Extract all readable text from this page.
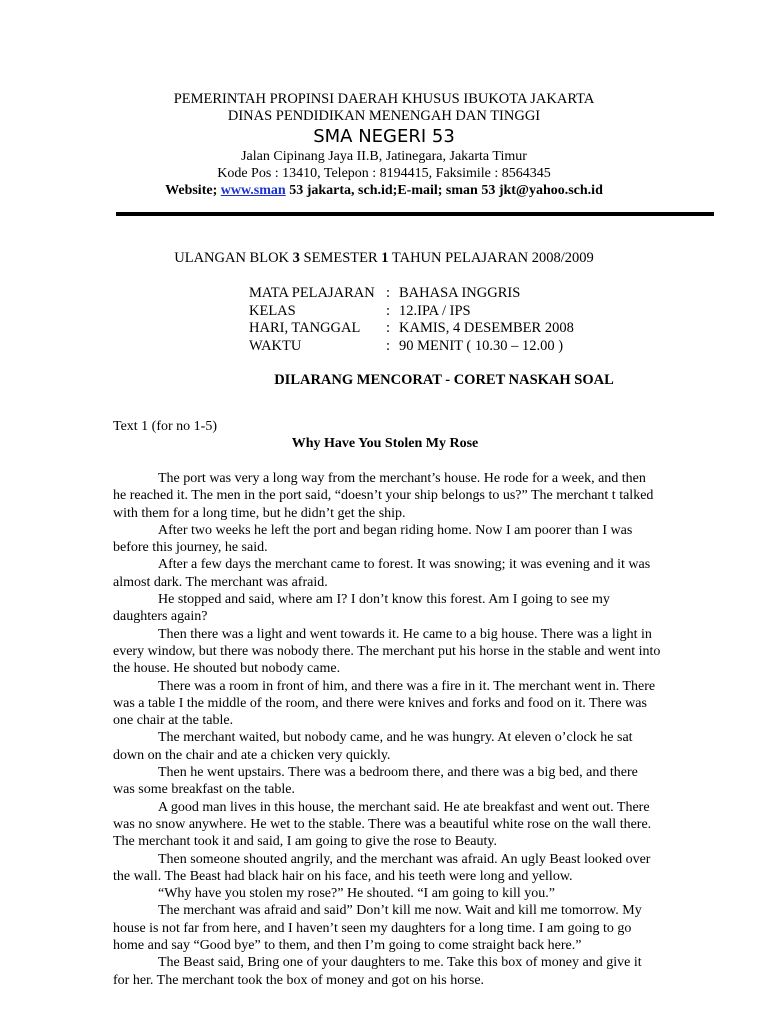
PEMERINTAH PROPINSI DAERAH KHUSUS IBUKOTA JAKARTA
DINAS PENDIDIKAN MENENGAH DAN TINGGI
SMA NEGERI 53
Jalan Cipinang Jaya II.B, Jatinegara, Jakarta Timur
Kode Pos : 13410, Telepon : 8194415, Faksimile : 8564345
Website; www.sman 53 jakarta, sch.id;E-mail; sman 53 jkt@yahoo.sch.id
ULANGAN BLOK 3 SEMESTER 1 TAHUN PELAJARAN 2008/2009
MATA PELAJARAN	:	BAHASA INGGRIS
KELAS	:	12.IPA / IPS
HARI, TANGGAL	:	KAMIS, 4 DESEMBER 2008
WAKTU	:	90 MENIT ( 10.30 – 12.00 )
DILARANG MENCORAT - CORET NASKAH SOAL
Text 1 (for no 1-5)
Why Have You Stolen My Rose

The port was very a long way from the merchant’s house. He rode for a week, and then he reached it. The men in the port said, “doesn’t your ship belongs to us?” The merchant t talked with them for a long time, but he didn’t get the ship.

After two weeks he left the port and began riding home. Now I am poorer than I was before this journey, he said.

After a few days the merchant came to forest. It was snowing; it was evening and it was almost dark. The merchant was afraid.

He stopped and said, where am I? I don’t know this forest. Am I going to see my daughters again?

Then there was a light and went towards it. He came to a big house. There was a light in every window, but there was nobody there. The merchant put his horse in the stable and went into the house. He shouted but nobody came.

There was a room in front of him, and there was a fire in it. The merchant went in. There was a table I the middle of the room, and there were knives and forks and food on it. There was one chair at the table.

The merchant waited, but nobody came, and he was hungry. At eleven o’clock he sat down on the chair and ate a chicken very quickly.

Then he went upstairs. There was a bedroom there, and there was a big bed, and there was some breakfast on the table.

A good man lives in this house, the merchant said. He ate breakfast and went out. There was no snow anywhere. He wet to the stable. There was a beautiful white rose on the wall there. The merchant took it and said, I am going to give the rose to Beauty.

Then someone shouted angrily, and the merchant was afraid. An ugly Beast looked over the wall. The Beast had black hair on his face, and his teeth were long and yellow.

“Why have you stolen my rose?” He shouted. “I am going to kill you.”

The merchant was afraid and said” Don’t kill me now. Wait and kill me tomorrow. My house is not far from here, and I haven’t seen my daughters for a long time. I am going to go home and say “Good bye” to them, and then I’m going to come straight back here.”

The Beast said, Bring one of your daughters to me. Take this box of money and give it for her. The merchant took the box of money and got on his horse.
